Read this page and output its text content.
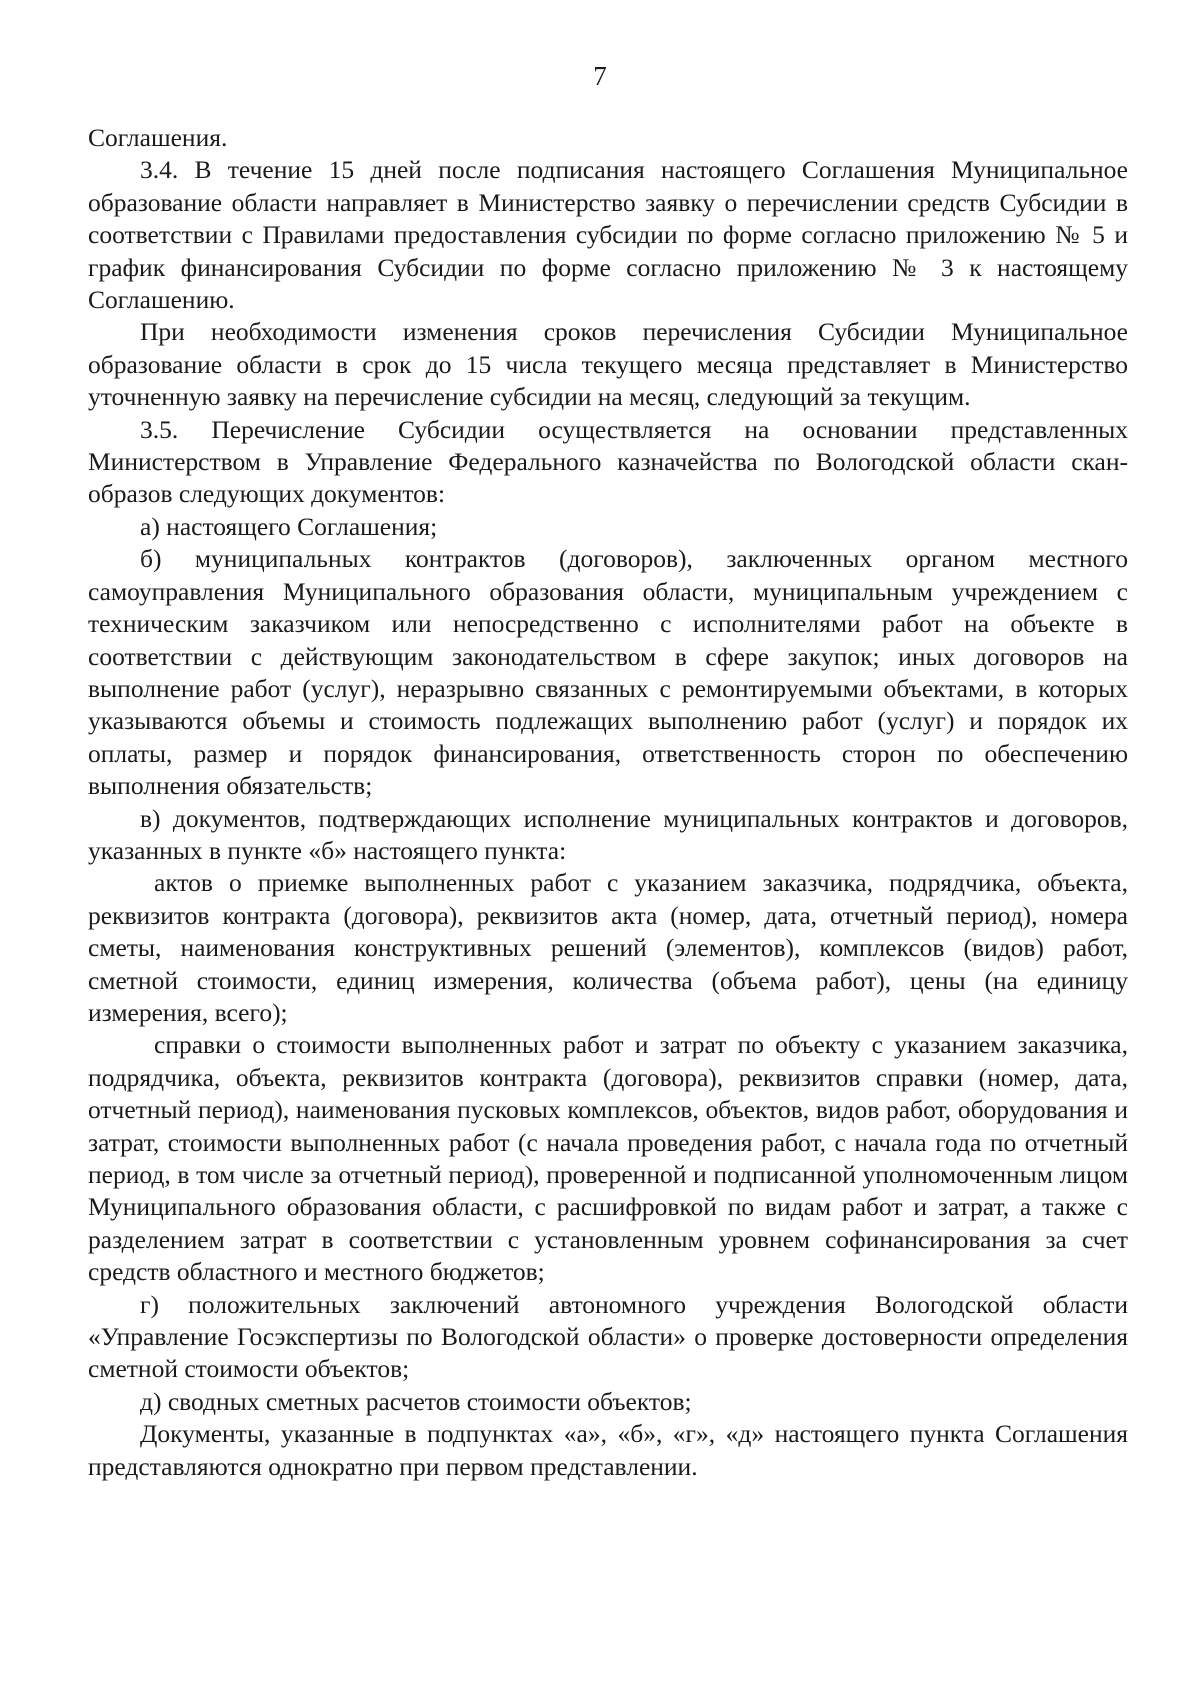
7

Соглашения.

3.4. В течение 15 дней после подписания настоящего Соглашения Муниципальное образование области направляет в Министерство заявку о перечислении средств Субсидии в соответствии с Правилами предоставления субсидии по форме согласно приложению № 5 и график финансирования Субсидии по форме согласно приложению № 3 к настоящему Соглашению.

При необходимости изменения сроков перечисления Субсидии Муниципальное образование области в срок до 15 числа текущего месяца представляет в Министерство уточненную заявку на перечисление субсидии на месяц, следующий за текущим.

3.5. Перечисление Субсидии осуществляется на основании представленных Министерством в Управление Федерального казначейства по Вологодской области скан-образов следующих документов:

а) настоящего Соглашения;

б) муниципальных контрактов (договоров), заключенных органом местного самоуправления Муниципального образования области, муниципальным учреждением с техническим заказчиком или непосредственно с исполнителями работ на объекте в соответствии с действующим законодательством в сфере закупок; иных договоров на выполнение работ (услуг), неразрывно связанных с ремонтируемыми объектами, в которых указываются объемы и стоимость подлежащих выполнению работ (услуг) и порядок их оплаты, размер и порядок финансирования, ответственность сторон по обеспечению выполнения обязательств;

в) документов, подтверждающих исполнение муниципальных контрактов и договоров, указанных в пункте «б» настоящего пункта:

актов о приемке выполненных работ с указанием заказчика, подрядчика, объекта, реквизитов контракта (договора), реквизитов акта (номер, дата, отчетный период), номера сметы, наименования конструктивных решений (элементов), комплексов (видов) работ, сметной стоимости, единиц измерения, количества (объема работ), цены (на единицу измерения, всего);

справки о стоимости выполненных работ и затрат по объекту с указанием заказчика, подрядчика, объекта, реквизитов контракта (договора), реквизитов справки (номер, дата, отчетный период), наименования пусковых комплексов, объектов, видов работ, оборудования и затрат, стоимости выполненных работ (с начала проведения работ, с начала года по отчетный период, в том числе за отчетный период), проверенной и подписанной уполномоченным лицом Муниципального образования области, с расшифровкой по видам работ и затрат, а также с разделением затрат в соответствии с установленным уровнем софинансирования за счет средств областного и местного бюджетов;

г) положительных заключений автономного учреждения Вологодской области «Управление Госэкспертизы по Вологодской области» о проверке достоверности определения сметной стоимости объектов;

д) сводных сметных расчетов стоимости объектов;

Документы, указанные в подпунктах «а», «б», «г», «д» настоящего пункта Соглашения представляются однократно при первом представлении.
